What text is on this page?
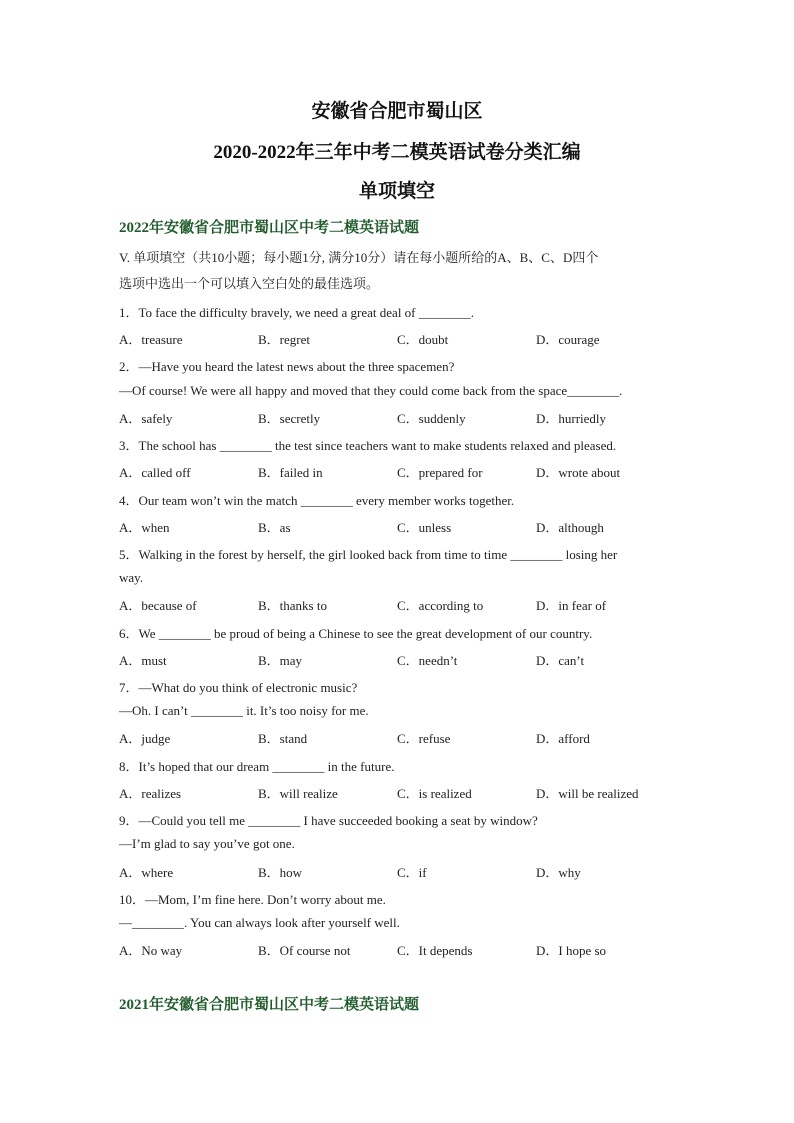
安徽省合肥市蜀山区
2020-2022年三年中考二模英语试卷分类汇编
单项填空
2022年安徽省合肥市蜀山区中考二模英语试题
V. 单项填空（共10小题；每小题1分, 满分10分）请在每小题所给的A、B、C、D四个
选项中选出一个可以填入空白处的最佳选项。
1．To face the difficulty bravely, we need a great deal of ________.
A．treasure	B．regret	C．doubt	D．courage
2．—Have you heard the latest news about the three spacemen?
—Of course! We were all happy and moved that they could come back from the space________.
A．safely	B．secretly	C．suddenly	D．hurriedly
3．The school has ________ the test since teachers want to make students relaxed and pleased.
A．called off	B．failed in	C．prepared for	D．wrote about
4．Our team won’t win the match ________ every member works together.
A．when	B．as	C．unless	D．although
5．Walking in the forest by herself, the girl looked back from time to time ________ losing her
way.
A．because of	B．thanks to	C．according to	D．in fear of
6．We ________ be proud of being a Chinese to see the great development of our country.
A．must	B．may	C．needn’t	D．can’t
7．—What do you think of electronic music?
—Oh. I can’t ________ it. It’s too noisy for me.
A．judge	B．stand	C．refuse	D．afford
8．It’s hoped that our dream ________ in the future.
A．realizes	B．will realize	C．is realized	D．will be realized
9．—Could you tell me ________ I have succeeded booking a seat by window?
—I’m glad to say you’ve got one.
A．where	B．how	C．if	D．why
10．—Mom, I’m fine here. Don’t worry about me.
—________. You can always look after yourself well.
A．No way	B．Of course not	C．It depends	D．I hope so
2021年安徽省合肥市蜀山区中考二模英语试题
